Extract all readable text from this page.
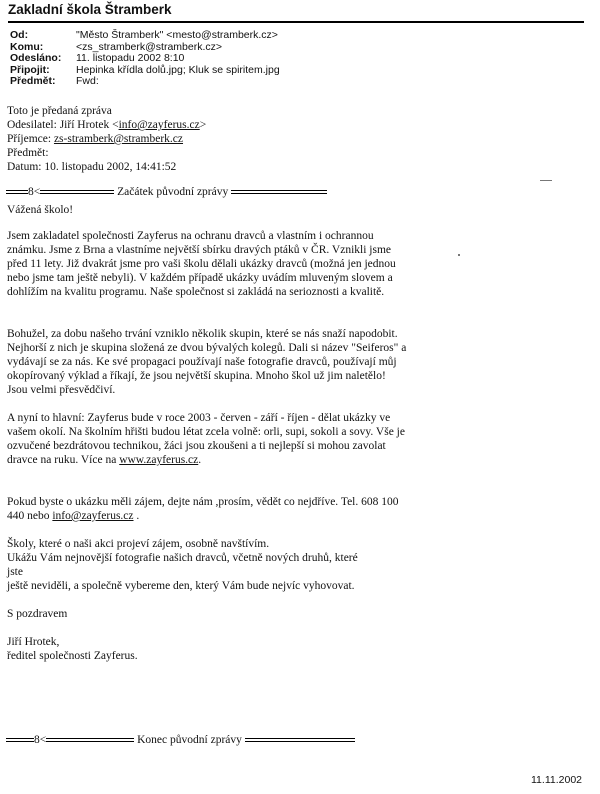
Zakladní škola Štramberk
Od:	"Město Štramberk" <mesto@stramberk.cz>
Komu:	<zs_stramberk@stramberk.cz>
Odesláno:	11. listopadu 2002 8:10
Připojit:	Hepinka křídla dolů.jpg; Kluk se spiritem.jpg
Předmět:	Fwd:
Toto je předaná zpráva
Odesilatel: Jiří Hrotek <info@zayferus.cz>
Příjemce: zs-stramberk@stramberk.cz
Předmět:
Datum: 10. listopadu 2002, 14:41:52
8<	Začátek původní zprávy
Vážená školo!
Jsem zakladatel společnosti Zayferus na ochranu dravců a vlastním i ochrannou známku. Jsme z Brna a vlastníme největší sbírku dravých ptáků v ČR. Vznikli jsme před 11 lety. Již dvakrát jsme pro vaši školu dělali ukázky dravců (možná jen jednou nebo jsme tam ještě nebyli). V každém případě ukázky uvádím mluveným slovem a dohlížím na kvalitu programu. Naše společnost si zakládá na serioznosti a kvalitě.
Bohužel, za dobu našeho trvání vzniklo několik skupin, které se nás snaží napodobit. Nejhorší z nich je skupina složená ze dvou bývalých kolegů. Dali si název "Seiferos" a vydávají se za nás. Ke své propagaci používají naše fotografie dravců, používají můj okopírovaný výklad a říkají, že jsou největší skupina. Mnoho škol už jim naletělo! Jsou velmi přesvědčiví.
A nyní to hlavní: Zayferus bude v roce 2003 - červen - září - říjen - dělat ukázky ve vašem okolí. Na školním hřišti budou létat zcela volně: orli, supi, sokoli a sovy. Vše je ozvučené bezdrátovou technikou, žáci jsou zkoušeni a ti nejlepší si mohou zavolat dravce na ruku. Více na www.zayferus.cz.
Pokud byste o ukázku měli zájem, dejte nám ,prosím, vědět co nejdříve. Tel. 608 100 440 nebo info@zayferus.cz .
Školy, které o naši akci projeví zájem, osobně navštívím.
Ukážu Vám nejnovější fotografie našich dravců, včetně nových druhů, které
jste
ještě neviděli, a společně vybereme den, který Vám bude nejvíc vyhovovat.
S pozdravem
Jiří Hrotek,
ředitel společnosti Zayferus.
8<	Konec původní zprávy
11.11.2002
